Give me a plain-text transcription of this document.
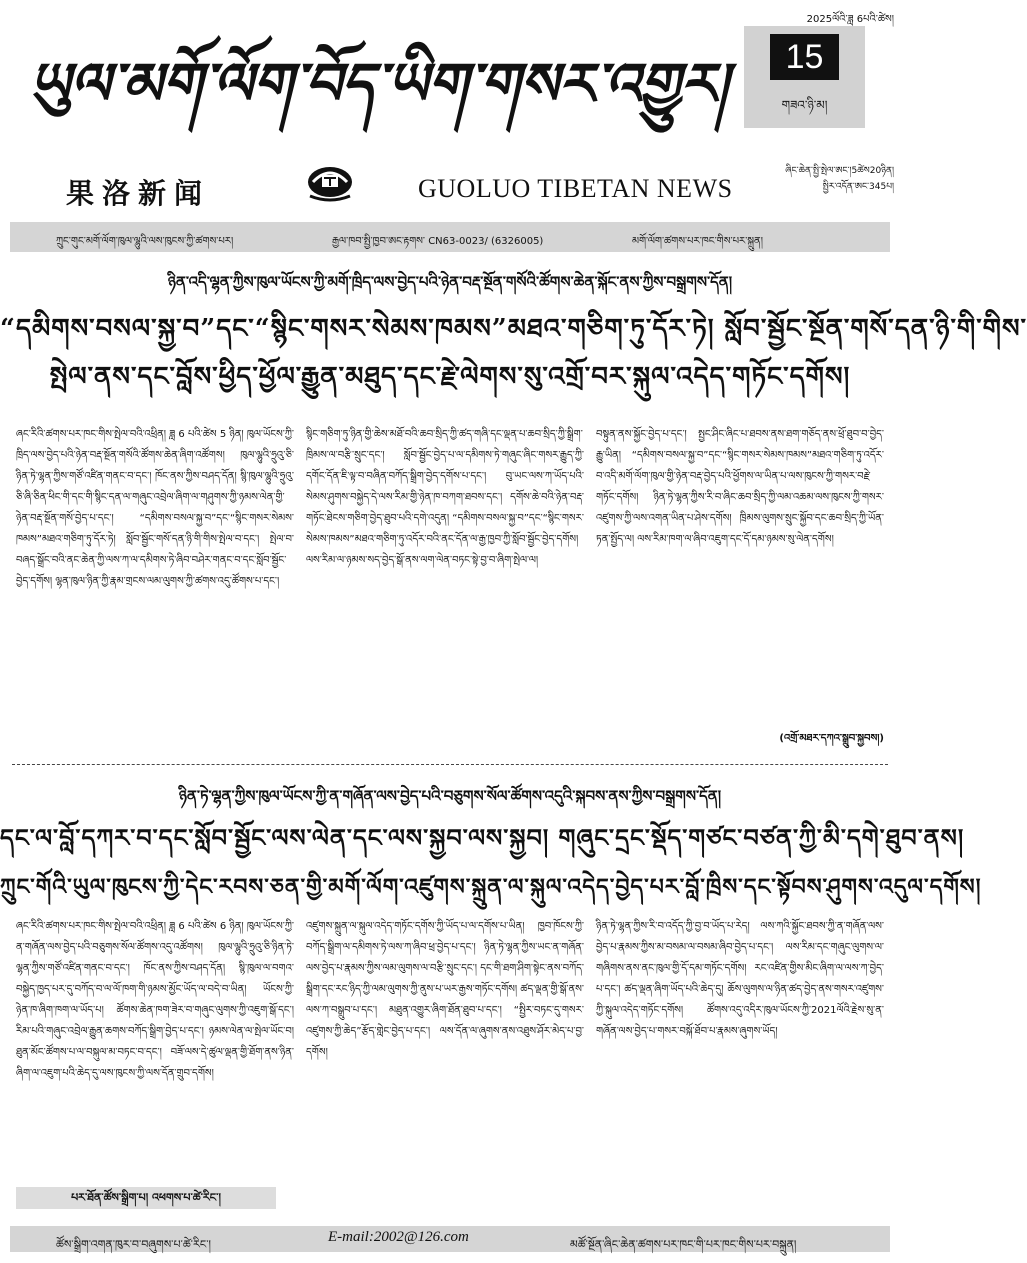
ཡུལ་མགོ་ལོག་བོད་ཡིག་གསར་འགྱུར།
2025ལོའི་ཟླ 6པའི་ཚེས།
15
གཟའ་ཉི་མ།
ཞིང་ཆེན་སྤྱི་སྤེལ་ཨང་།5ཚེས20ཉིན།
སྤྱིར་འདོན་ཨང་345པ།
果洛新闻	GUOLUO TIBETAN NEWS
ཀྲུང་གུང་མགོ་ལོག་ཁུལ་ལྷུའི་ལས་ཁུངས་ཀྱི་ཚགས་པར།	རྒྱལ་ཁབ་སྤྱི་ཁྱབ་ཨང་རྟགས་ CN63-0023/ (6326005)	མགོ་ལོག་ཚགས་པར་ཁང་གིས་པར་སྐྲུན།
ཉིན་འདི་ལྷན་ཀྱིས་ཁུལ་ཡོངས་ཀྱི་མགོ་ཁྲིད་ལས་བྱེད་པའི་ཉེན་བརྡ་སྔོན་གསོའི་ཚོགས་ཆེན་སྐོང་ནས་ཀྱིས་བསྒྲགས་དོན།
“དམིགས་བསལ་སྐྱ་བ”དང་“སྙིང་གསར་སེམས་ཁམས”མཐའ་གཅིག་ཏུ་དོར་ཏེ། སློབ་སྦྱོང་སྔོན་གསོ་དན་ཉི་གི་གིས་
སྤེལ་ནས་དང་བློས་ཕྱིད་ཕྱོལ་རྒྱུན་མཐུད་དང་རྗེ་ལེགས་སུ་འགྲོ་བར་སྐུལ་འདེད་གཏོང་དགོས།
ཞང་རིའི་ཚགས་པར་ཁང་གིས་སྤེལ་བའི་འཕྲིན། ཟླ 6 པའི་ཚེས 5 ཉིན། ཁུལ་ཡོངས་ཀྱི་ཁྲིད་ལས་བྱེད་པའི་ཉེན་བརྡ་སྔོན་གསོའི་ཚོགས་ཆེན་ཞིག་འཚོགས། ཁུལ་ལྷུའི་ཧྲུའུ་ཅི་ཉིན་ཏེ་ལྷན་ཀྱིས་གཙོ་འཛིན་གནང་བ་དང་། ཁོང་ནས་ཀྱིས་བཤད་དོན། སྙི་ཁུལ་ལྷུའི་ཧྲུའུ་ཅི་ཞི་ཅིན་ཕིང་གི་དང་གི་སྙིང་དན་ལ་གཞུང་འབྲེལ་ཞིག་ལ་གཤུགས་ཀྱི་ཉམས་ལེན་གྱི་ཉེན་བརྡ་སྔོན་གསོ་བྱེད་པ་དང་། “དམིགས་བསལ་སྐྱ་བ”དང་“སྙིང་གསར་སེམས་ཁམས”མཐའ་གཅིག་ཏུ་དོར་ཏེ། སློབ་སྦྱོང་གསོ་དན་ཉི་གི་གིས་སྤེལ་བ་དང་། སྤེལ་བ་བཞད་སྒྲོང་བའི་ནང་ཆེན་ཀྱི་ལས་ཀ་ལ་དམིགས་ཏེ་ཞིབ་བཤེར་གནང་བ་དང་སློབ་སྦྱོང་བྱེད་དགོས། ལྷན་ཁུལ་ཉིན་ཀྱི་རྣམ་གྲངས་ལམ་ལུགས་ཀྱི་ཚགས་འདུ་ཚོགས་པ་དང་།
སྙིང་གཅིག་ཏུ་ཉིན་གྱི་ཆེས་མཐོ་བའི་ཆབ་སྲིད་ཀྱི་ཚད་གཞི་དང་ལྡན་པ་ཆབ་སྲིད་ཀྱི་སྒྲིག་ཁྲིམས་ལ་བརྩི་སྲུང་དང་། སློབ་སྦྱོང་བྱེད་པ་ལ་དམིགས་ཏེ་གཞུང་ཞིང་གསར་རྒྱུད་ཀྱི་དགོང་དོན་ཇི་ལྟ་བ་བཞིན་བཀོད་སྒྲིག་བྱེད་དགོས་པ་དང་། བུ་ཡང་ལས་ཀ་ཡོད་པའི་སེམས་ཤུགས་བསྐྱེད་དེ་ལས་རིམ་གྱི་ཉེན་ཁ་བཀག་ཐབས་དང་། དགོས་ཆེ་བའི་ཉེན་བརྡ་གཏོང་ཐེངས་གཅིག་བྱེད་ཐུབ་པའི་དགེ་འདུན། “དམིགས་བསལ་སྐྱ་བ”དང་“སྙིང་གསར་སེམས་ཁམས”མཐའ་གཅིག་ཏུ་འདོར་བའི་ནང་དོན་ལ་རྒྱ་ཁྱབ་ཀྱི་སློབ་སྦྱོང་བྱེད་དགོས། ལས་རིམ་ལ་ཉམས་སད་བྱེད་སྒོ་ནས་ལག་ལེན་བཏང་སྟེ་བྱ་བ་ཞིག་སྤེལ་ལ།
བསྟུན་ནས་སྐྱོང་བྱེད་པ་དང་། སྤྱང་ཤིང་ཞིང་པ་ཐབས་ནས་ཐག་གཅོད་ནས་ཕྲོ་ཐུབ་བ་བྱེད་རྒྱུ་ཡིན། “དམིགས་བསལ་སྐྱ་བ”དང་“སྙིང་གསར་སེམས་ཁམས”མཐའ་གཅིག་ཏུ་འདོར་བ་འདི་མགོ་ལོག་ཁུལ་གྱི་ཉེན་བརྡ་བྱེད་པའི་ཕྱོགས་ལ་ཡིན་པ་ལས་ཁུངས་ཀྱི་གསར་བརྗེ་གཏོང་དགོས། ཉིན་ཏེ་ལྷན་ཀྱིས་རི་བ་ཞིང་ཆབ་སྲིད་ཀྱི་ལམ་འཆམ་ལས་ཁུངས་ཀྱི་གསར་འཛུགས་ཀྱི་ལས་འགན་ཡིན་པ་ཤེས་དགོས། ཁྲིམས་ལུགས་སྲུང་སྐྱོབ་དང་ཆབ་སྲིད་ཀྱི་ཡོན་ཏན་སྤྱོད་ལ། ལས་རིམ་ཁག་ལ་ཞིབ་འཇུག་དང་དོ་དམ་ཉམས་སུ་ལེན་དགོས།
(འགྲོ་མཐར་དཀའ་སྒྲུབ་སྐྱབས།)
ཉིན་ཏེ་ལྷན་ཀྱིས་ཁུལ་ཡོངས་ཀྱི་ན་གཞོན་ལས་བྱེད་པའི་བཅུགས་སོལ་ཚོགས་འདུའི་སྐབས་ནས་ཀྱིས་བསྒྲགས་དོན།
དང་ལ་བློ་དཀར་བ་དང་སློབ་སྦྱོང་ལས་ལེན་དང་ལས་སྐྱབ་ལས་སྐྱབ། གཞུང་དྲང་སྡོད་གཙང་བཙན་ཀྱི་མི་དགེ་ཐུབ་ནས།
ཀྲུང་གོའི་ཡུལ་ཁུངས་ཀྱི་དེང་རབས་ཅན་གྱི་མགོ་ལོག་འཛུགས་སྐྲུན་ལ་སྐུལ་འདེད་བྱེད་པར་བློ་ཁྲིས་དང་སྟོབས་ཤུགས་འདུལ་དགོས།
ཞང་རིའི་ཚགས་པར་ཁང་གིས་སྤེལ་བའི་འཕྲིན། ཟླ 6 པའི་ཚེས 6 ཉིན། ཁུལ་ཡོངས་ཀྱི་ན་གཞོན་ལས་བྱེད་པའི་བཅུགས་སོལ་ཚོགས་འདུ་འཚོགས། ཁུལ་ལྷུའི་ཧྲུའུ་ཅི་ཉིན་ཏེ་ལྷན་ཀྱིས་གཙོ་འཛིན་གནང་བ་དང་། ཁོང་ནས་ཀྱིས་བཤད་དོན། སྙི་ཁུལ་ལ་བགའ་བསྐྱེད་ཁྱད་པར་དུ་བཀོད་བ་ལ་ལོ་ཁག་གི་ཉམས་མྱོང་ཡོད་ལ་བདེ་བ་ཡིན། ཡོངས་ཀྱི་ཉེན་ཁ་ཞིག་ཁག་ལ་ཡོད་པ། ཚོགས་ཆེན་ཁག་ཟེར་བ་གཞུང་ལུགས་ཀྱི་འཇུག་སྒོ་དང་། རིམ་པའི་གཞུང་འབྲེལ་རྒྱུན་ཆགས་བཀོད་སྒྲིག་བྱེད་པ་དང་། ཉམས་ལེན་ལ་སྤེལ་ཡོང་བ། ཐུན་མོང་ཚོགས་པ་ལ་བསྐུལ་མ་བཏང་བ་དང་། བཟོ་ལས་དེ་ཚུལ་ལྡན་གྱི་ཐོག་ནས་ཉིན་ཞིག་ལ་འཇུག་པའི་ཆེད་དུ་ལས་ཁུངས་ཀྱི་ལས་དོན་གྲུབ་དགོས།
འཛུགས་སྐྲུན་ལ་སྐུལ་འདེད་གཏོང་དགོས་ཀྱི་ཡོད་པ་ལ་དགོས་པ་ཡིན། ཁྱབ་ཁོངས་ཀྱི་བཀོད་སྒྲིག་ལ་དམིགས་ཏེ་ལས་ཀ་ཞིབ་ཕྲ་བྱེད་པ་དང་། ཉིན་ཏེ་ལྷན་ཀྱིས་ཡང་ན་གཞོན་ལས་བྱེད་པ་རྣམས་ཀྱིས་ལམ་ལུགས་ལ་བརྩི་སྲུང་དང་། དང་གི་ཐག་ཤིག་སྟེང་ནས་བཀོད་སྒྲིག་དང་རང་ཉིད་ཀྱི་ལམ་ལུགས་ཀྱི་ནུས་པ་ཡར་རྒྱས་གཏོང་དགོས། ཚད་ལྡན་གྱི་སྒོ་ནས་ལས་ཀ་བསྒྲུབ་པ་དང་། མཐུན་འགྱུར་ཞིག་ཐོན་ཐུབ་པ་དང་། “སྤྱིར་བཏང་དུ་གསར་འཛུགས་ཀྱི་ཆེད”རྩོད་གླེང་བྱེད་པ་དང་། ལས་དོན་ལ་ཞུགས་ནས་འཐུས་ཤོར་མེད་པ་བྱ་དགོས།
ཉིན་ཏེ་ལྷན་ཀྱིས་རི་བ་འདོད་ཀྱི་བྱ་བ་ཡོད་པ་རེད། ལས་ཀའི་སྐྱོང་ཐབས་ཀྱི་ན་གཞོན་ལས་བྱེད་པ་རྣམས་ཀྱིས་མ་བསམ་ལ་བསམ་ཞིབ་བྱེད་པ་དང་། ལས་རིམ་དང་གཞུང་ལུགས་ལ་གཞིགས་ནས་ནང་ཁུལ་གྱི་དོ་དམ་གཏོང་དགོས། རང་འཛིན་གྱིས་མིང་ཞིག་ལ་ལས་ཀ་བྱེད་པ་དང་། ཚད་ལྡན་ཞིག་ཡོད་པའི་ཆེད་དུ། ཆོས་ལུགས་ལ་ཉིན་ཚད་བྱེད་ནས་གསར་འཛུགས་ཀྱི་སྐུལ་འདེད་གཏོང་དགོས། ཚོགས་འདུ་འདིར་ཁུལ་ཡོངས་ཀྱི་2021ལོའི་རྗེས་སུ་ན་གཞོན་ལས་བྱེད་པ་གསར་བསྐོ་ཐོབ་པ་རྣམས་ཞུགས་ཡོད།
པར་ཐོན་ཚོས་སྒྲིག་པ། འཕགས་པ་ཚེ་རིང་།
ཚོས་སྒྲིག་འགན་ཁུར་བ་བཞུགས་པ་ཚེ་རིང་།	E-mail:2002@126.com	མཚོ་སྔོན་ཞིང་ཆེན་ཚགས་པར་ཁང་གི་པར་ཁང་གིས་པར་བསྐྲུན།
